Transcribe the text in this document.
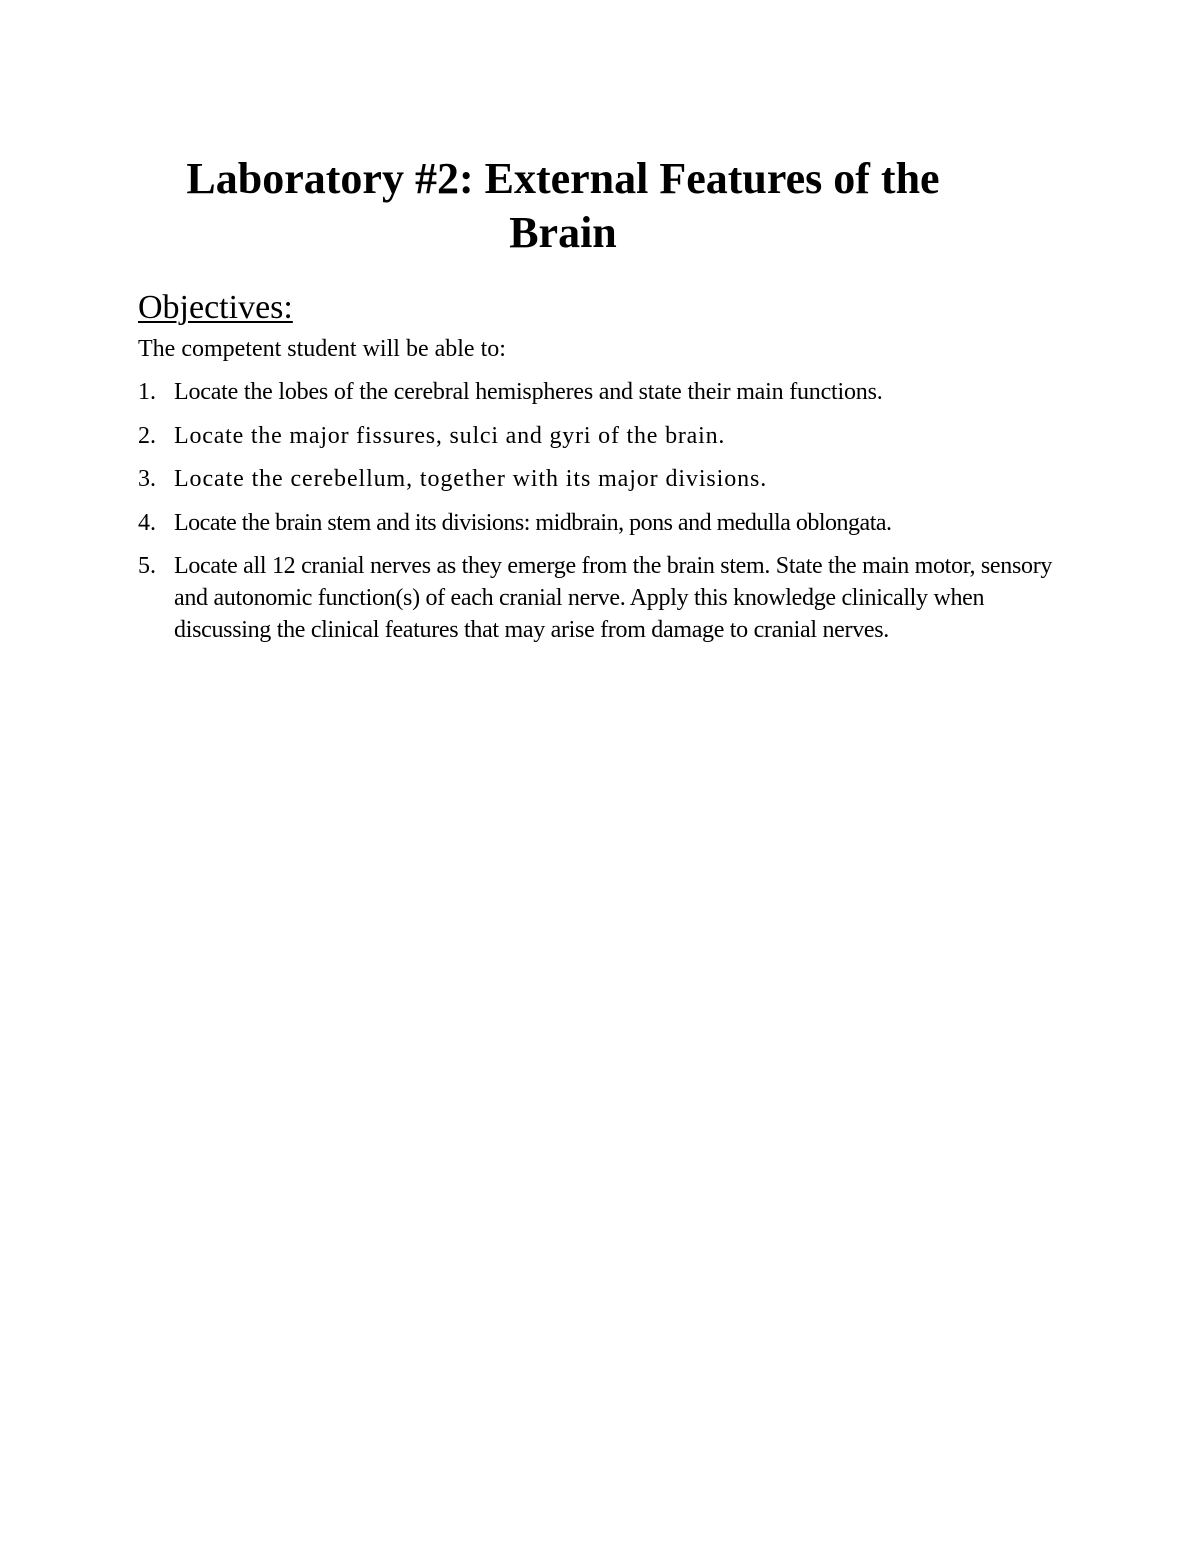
Laboratory #2: External Features of the
Brain
Objectives:

The competent student will be able to:

1. Locate the lobes of the cerebral hemispheres and state their main functions.
2. Locate the major fissures, sulci and gyri of the brain.
3. Locate the cerebellum, together with its major divisions.
4. Locate the brain stem and its divisions: midbrain, pons and medulla oblongata.
5. Locate all 12 cranial nerves as they emerge from the brain stem. State the main motor, sensory and autonomic function(s) of each cranial nerve. Apply this knowledge clinically when discussing the clinical features that may arise from damage to cranial nerves.
